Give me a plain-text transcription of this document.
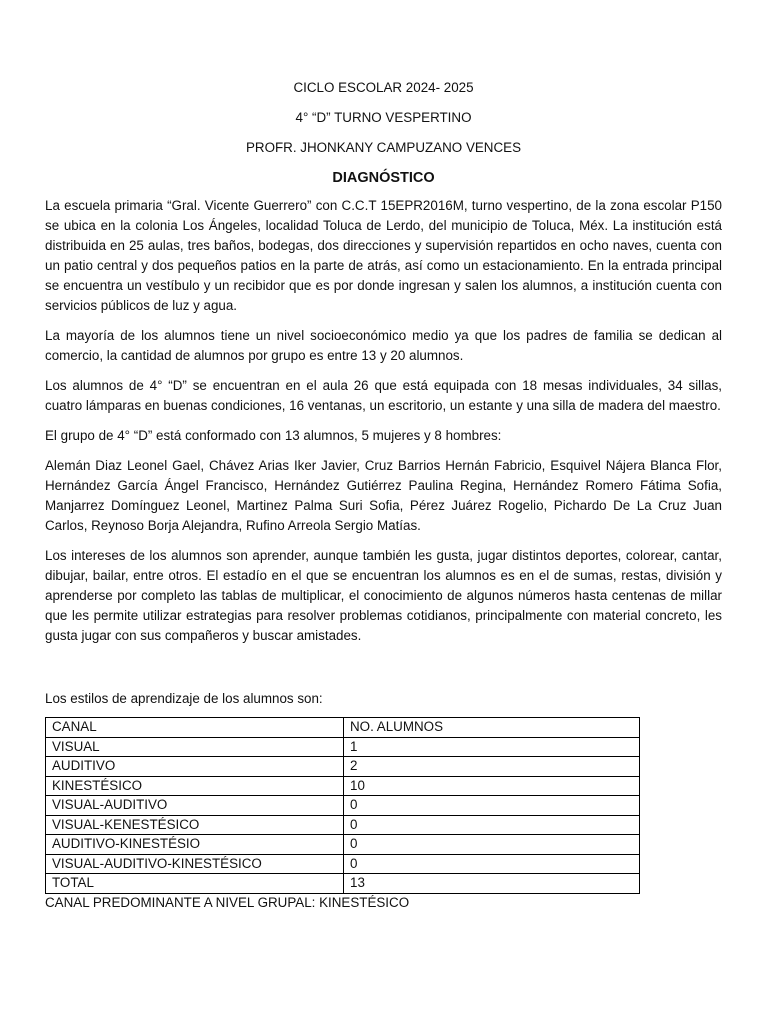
CICLO ESCOLAR 2024- 2025

4° “D” TURNO VESPERTINO

PROFR. JHONKANY CAMPUZANO VENCES

DIAGNÓSTICO

La escuela primaria “Gral. Vicente Guerrero” con C.C.T 15EPR2016M, turno vespertino, de la zona escolar P150 se ubica en la colonia Los Ángeles, localidad Toluca de Lerdo, del municipio de Toluca, Méx. La institución está distribuida en 25 aulas, tres baños, bodegas, dos direcciones y supervisión repartidos en ocho naves, cuenta con un patio central y dos pequeños patios en la parte de atrás, así como un estacionamiento. En la entrada principal se encuentra un vestíbulo y un recibidor que es por donde ingresan y salen los alumnos, a institución cuenta con servicios públicos de luz y agua.

La mayoría de los alumnos tiene un nivel socioeconómico medio ya que los padres de familia se dedican al comercio, la cantidad de alumnos por grupo es entre 13 y 20 alumnos.

Los alumnos de 4° “D” se encuentran en el aula 26 que está equipada con 18 mesas individuales, 34 sillas, cuatro lámparas en buenas condiciones, 16 ventanas, un escritorio, un estante y una silla de madera del maestro.

El grupo de 4° “D” está conformado con 13 alumnos, 5 mujeres y 8 hombres:

Alemán Diaz Leonel Gael, Chávez Arias Iker Javier, Cruz Barrios Hernán Fabricio, Esquivel Nájera Blanca Flor, Hernández García Ángel Francisco, Hernández Gutiérrez Paulina Regina, Hernández Romero Fátima Sofia, Manjarrez Domínguez Leonel, Martinez Palma Suri Sofia, Pérez Juárez Rogelio, Pichardo De La Cruz Juan Carlos, Reynoso Borja Alejandra, Rufino Arreola Sergio Matías.

Los intereses de los alumnos son aprender, aunque también les gusta, jugar distintos deportes, colorear, cantar, dibujar, bailar, entre otros. El estadío en el que se encuentran los alumnos es en el de sumas, restas, división y aprenderse por completo las tablas de multiplicar, el conocimiento de algunos números hasta centenas de millar que les permite utilizar estrategias para resolver problemas cotidianos, principalmente con material concreto, les gusta jugar con sus compañeros y buscar amistades.

Los estilos de aprendizaje de los alumnos son:

CANAL	NO. ALUMNOS
VISUAL	1
AUDITIVO	2
KINESTÉSICO	10
VISUAL-AUDITIVO	0
VISUAL-KENESTÉSICO	0
AUDITIVO-KINESTÉSIO	0
VISUAL-AUDITIVO-KINESTÉSICO	0
TOTAL	13

CANAL PREDOMINANTE A NIVEL GRUPAL: KINESTÉSICO
